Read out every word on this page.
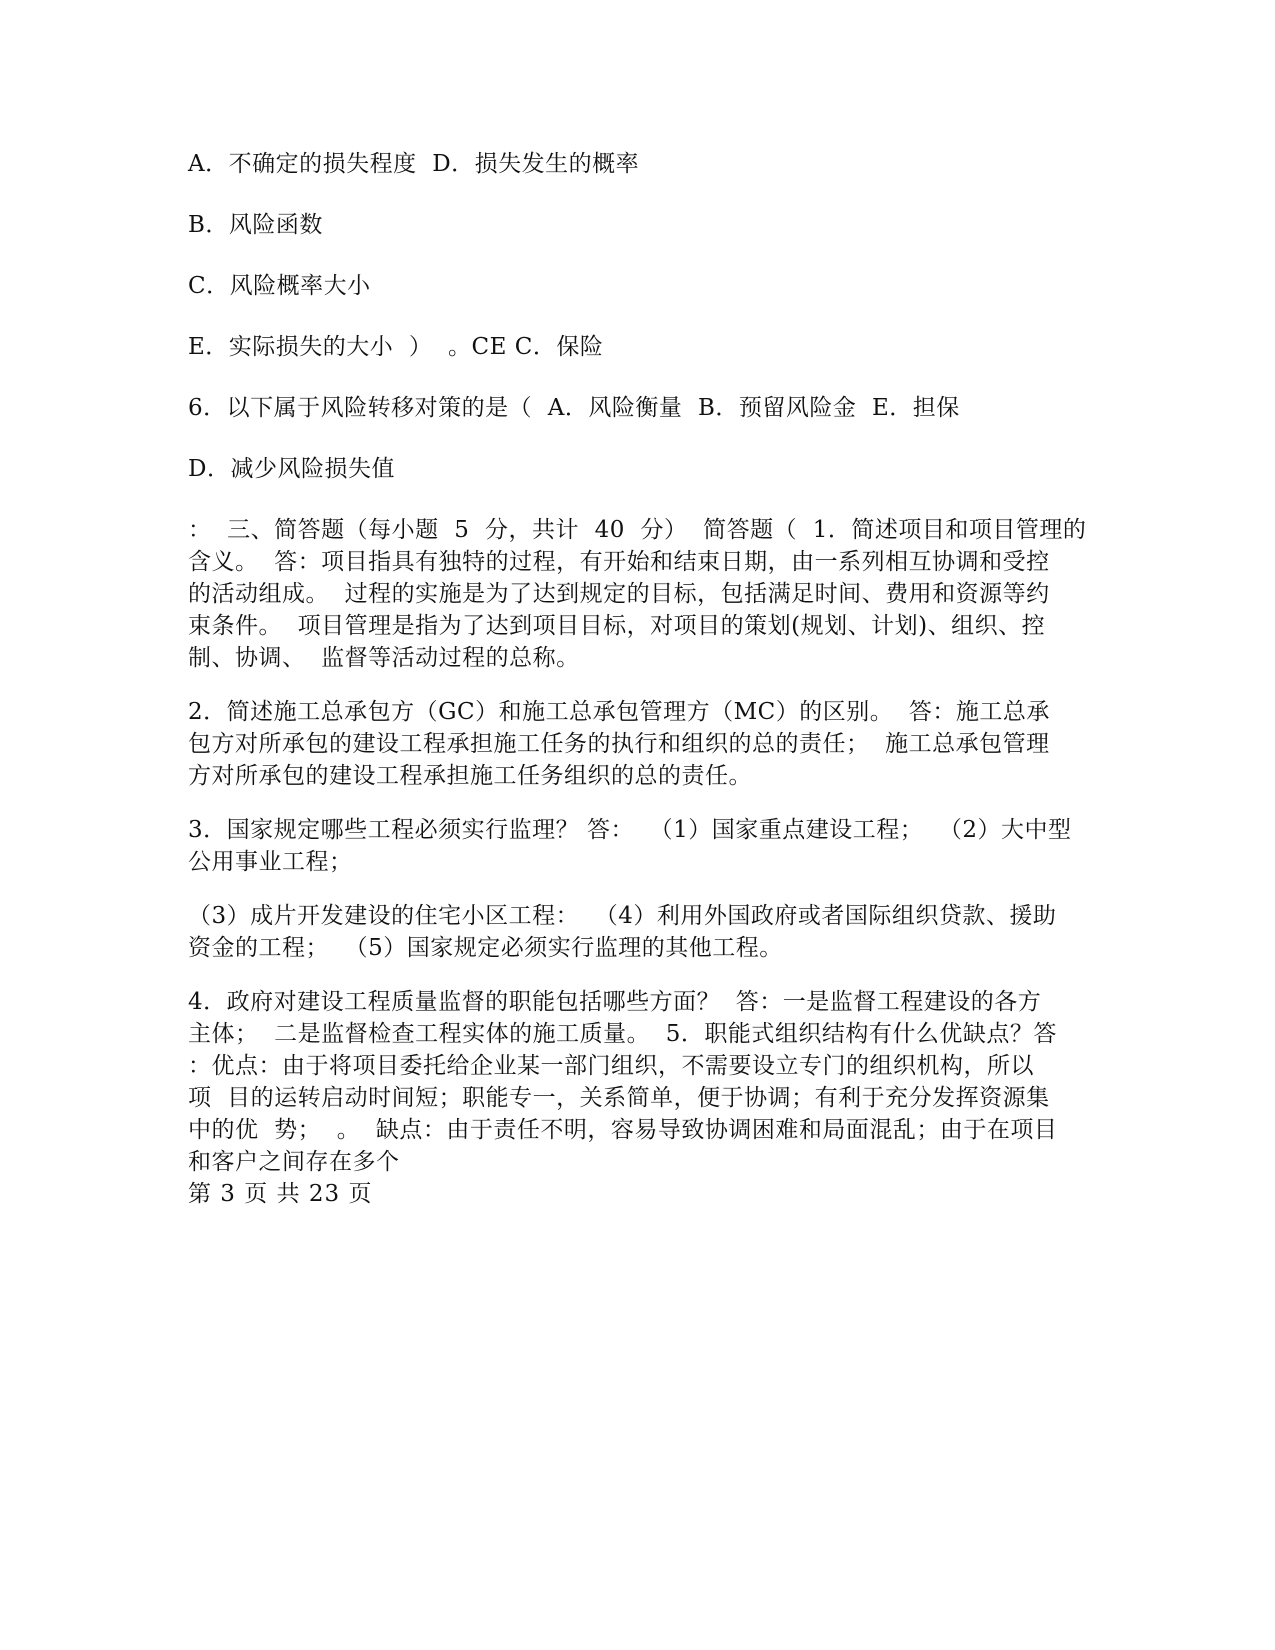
A．不确定的损失程度  D．损失发生的概率
B．风险函数
C．风险概率大小
E．实际损失的大小  ）  。CE C．保险
6．以下属于风险转移对策的是（  A．风险衡量  B．预留风险金  E．担保
D．减少风险损失值
：  三、简答题（每小题  5  分，共计  40  分）  简答题（  1．简述项目和项目管理的
含义。  答：项目指具有独特的过程，有开始和结束日期，由一系列相互协调和受控
的活动组成。  过程的实施是为了达到规定的目标，包括满足时间、费用和资源等约
束条件。  项目管理是指为了达到项目目标，对项目的策划(规划、计划)、组织、控
制、协调、  监督等活动过程的总称。
2．简述施工总承包方（GC）和施工总承包管理方（MC）的区别。  答：施工总承
包方对所承包的建设工程承担施工任务的执行和组织的总的责任；  施工总承包管理
方对所承包的建设工程承担施工任务组织的总的责任。
3．国家规定哪些工程必须实行监理？ 答：  （1）国家重点建设工程；  （2）大中型
公用事业工程；
（3）成片开发建设的住宅小区工程：  （4）利用外国政府或者国际组织贷款、援助
资金的工程；  （5）国家规定必须实行监理的其他工程。
4．政府对建设工程质量监督的职能包括哪些方面？  答：一是监督工程建设的各方
主体；  二是监督检查工程实体的施工质量。  5．职能式组织结构有什么优缺点？答
：优点：由于将项目委托给企业某一部门组织，不需要设立专门的组织机构，所以
项  目的运转启动时间短；职能专一，关系简单，便于协调；有利于充分发挥资源集
中的优  势；  。  缺点：由于责任不明，容易导致协调困难和局面混乱；由于在项目
和客户之间存在多个
第 3 页 共 23 页
